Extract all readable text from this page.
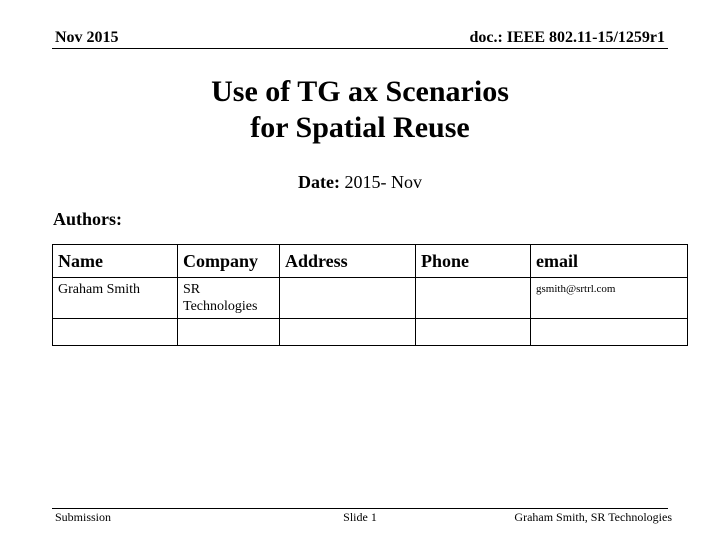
Nov 2015	doc.: IEEE 802.11-15/1259r1
Use of TG ax Scenarios
for Spatial Reuse
Date: 2015- Nov
Authors:
Name	Company	Address	Phone	email
Graham Smith	SR Technologies			gsmith@srtrl.com

Submission	Slide 1	Graham Smith, SR Technologies
